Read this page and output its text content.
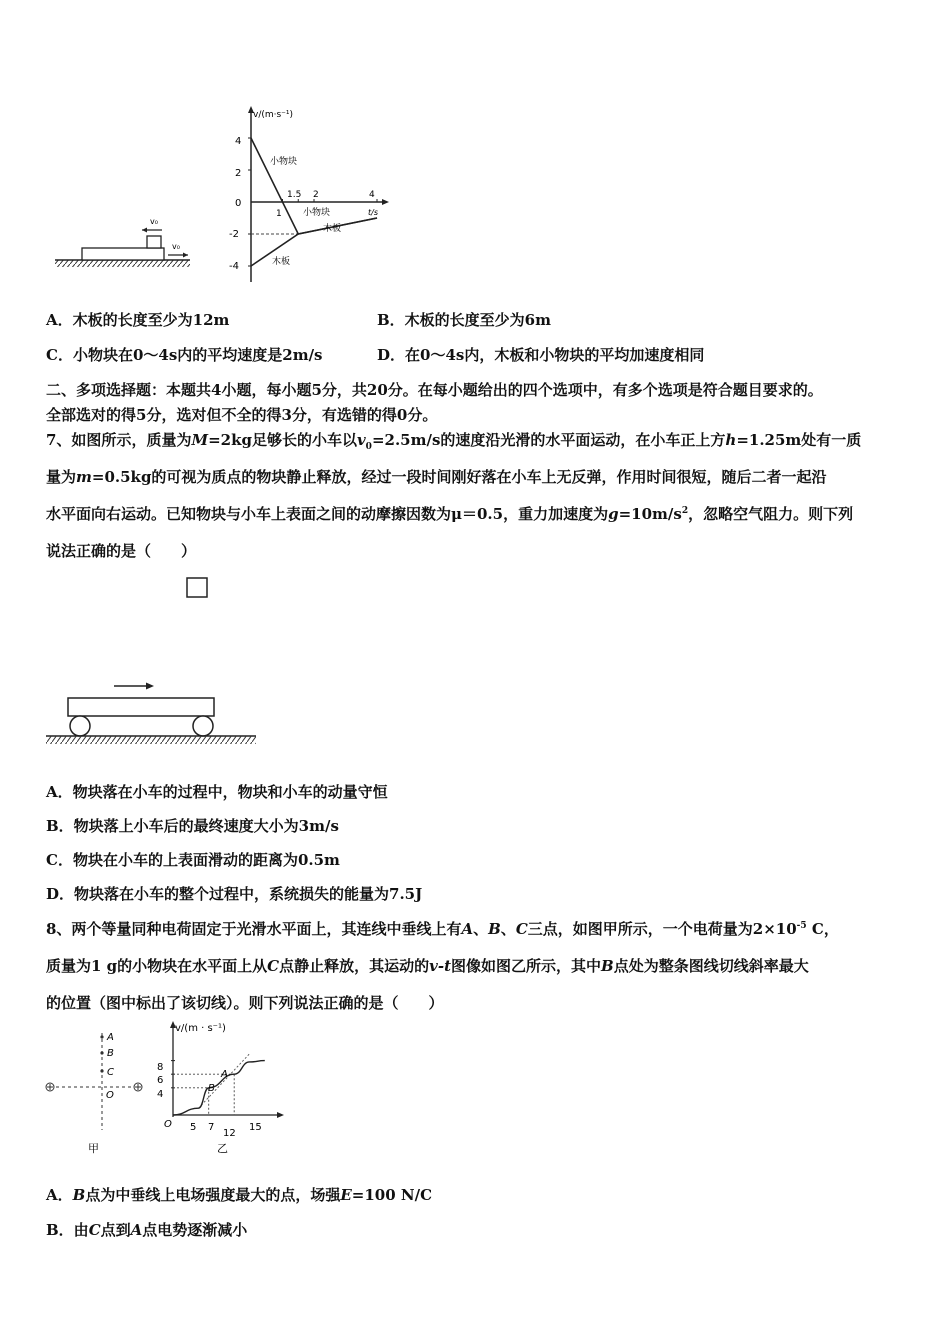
v₀
v₀
v/(m·s⁻¹)
t/s
4
2
0
-2
-4
1
1.5 2	4
小物块
小物块
木板
木板
A．木板的长度至少为12m	B．木板的长度至少为6m
C．小物块在0～4s内的平均速度是2m/s	D．在0～4s内，木板和小物块的平均加速度相同
二、多项选择题：本题共4小题，每小题5分，共20分。在每小题给出的四个选项中，有多个选项是符合题目要求的。
全部选对的得5分，选对但不全的得3分，有选错的得0分。
7、如图所示，质量为M=2kg足够长的小车以$v_0=2.5m/s$的速度沿光滑的水平面运动，在小车正上方h=1.25m处有一质
量为m=0.5kg的可视为质点的物块静止释放，经过一段时间刚好落在小车上无反弹，作用时间很短，随后二者一起沿
水平面向右运动。已知物块与小车上表面之间的动摩擦因数为μ＝0.5，重力加速度为$g=10m/s^2$，忽略空气阻力。则下列
说法正确的是（　　）
A．物块落在小车的过程中，物块和小车的动量守恒
B．物块落上小车后的最终速度大小为3m/s
C．物块在小车的上表面滑动的距离为0.5m
D．物块落在小车的整个过程中，系统损失的能量为7.5J
8、两个等量同种电荷固定于光滑水平面上，其连线中垂线上有A、B、C三点，如图甲所示，一个电荷量为$2\times 10^{-5}$ C，
质量为1 g的小物块在水平面上从C点静止释放，其运动的v-t图像如图乙所示，其中B点处为整条图线切线斜率最大
的位置（图中标出了该切线）。则下列说法正确的是（　　）
A
B
C
O
甲
v/(m · s⁻¹)
8
6
4
O 5 7
12
15
A
B
乙
A．B点为中垂线上电场强度最大的点，场强E=100 N/C
B．由C点到A点电势逐渐减小
